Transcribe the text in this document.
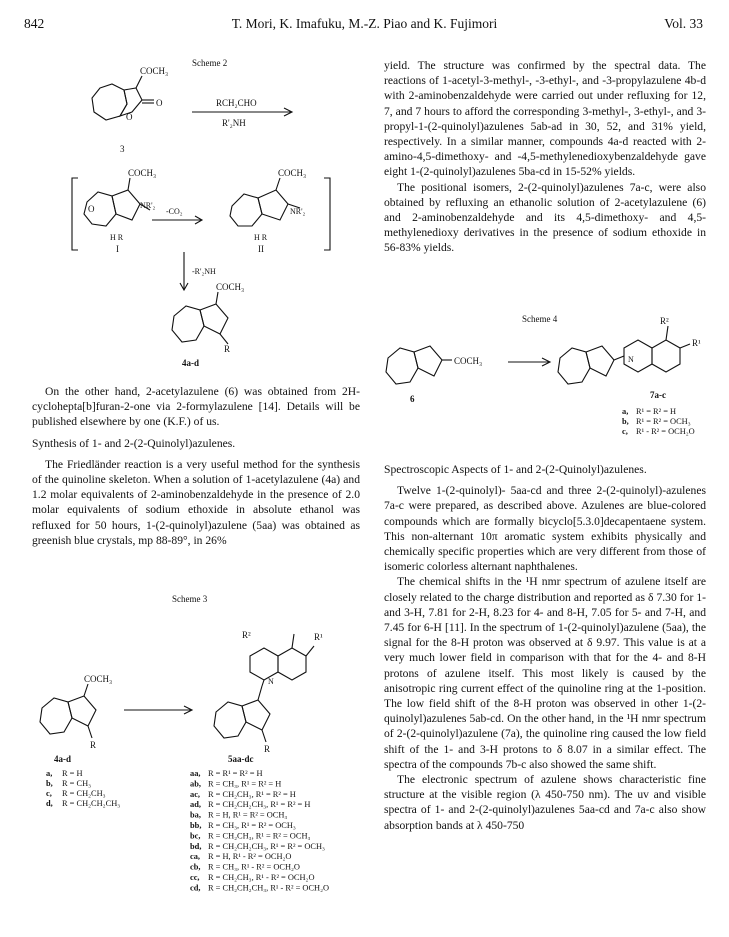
842	T. Mori, K. Imafuku, M.-Z. Piao and K. Fujimori	Vol. 33
Scheme 2
COCH₃
O
O
RCH₂CHO
R'₂NH
3
COCH₃
NR'₂
O
H R
I
-CO₂
COCH₃
NR'₂
H R
II
-R'₂NH
COCH₃
R
4a-d

On the other hand, 2-acetylazulene (6) was obtained from 2H-cyclohepta[b]furan-2-one via 2-formylazulene [14]. Details will be published elsewhere by one (K.F.) of us.

Synthesis of 1- and 2-(2-Quinolyl)azulenes.

The Friedländer reaction is a very useful method for the synthesis of the quinoline skeleton. When a solution of 1-acetylazulene (4a) and 1.2 molar equivalents of 2-aminobenzaldehyde in the presence of 2.0 molar equivalents of sodium ethoxide in absolute ethanol was refluxed for 50 hours, 1-(2-quinolyl)azulene (5aa) was obtained as greenish blue crystals, mp 88-89°, in 26%

Scheme 3
COCH₃
R	R
R²	R¹
N
4a-d	5aa-dc
a, R = H
b, R = CH₃
c, R = CH₂CH₃
d, R = CH₂CH₂CH₃
aa, R = R¹ = R² = H
ab, R = CH₃, R¹ = R² = H
ac, R = CH₂CH₃, R¹ = R² = H
ad, R = CH₂CH₂CH₃, R¹ = R² = H
ba, R = H, R¹ = R² = OCH₃
bb, R = CH₃, R¹ = R² = OCH₃
bc, R = CH₂CH₃, R¹ = R² = OCH₃
bd, R = CH₂CH₂CH₃, R¹ = R² = OCH₃
ca, R = H, R¹ - R² = OCH₂O
cb, R = CH₃, R¹ - R² = OCH₂O
cc, R = CH₂CH₃, R¹ - R² = OCH₂O
cd, R = CH₂CH₂CH₃, R¹ - R² = OCH₂O

yield. The structure was confirmed by the spectral data. The reactions of 1-acetyl-3-methyl-, -3-ethyl-, and -3-propylazulene 4b-d with 2-aminobenzaldehyde were carried out under refluxing for 12, 7, and 7 hours to afford the corresponding 3-methyl-, 3-ethyl-, and 3-propyl-1-(2-quinolyl)azulenes 5ab-ad in 30, 52, and 31% yield, respectively. In a similar manner, compounds 4a-d reacted with 2-amino-4,5-dimethoxy- and -4,5-methylenedioxybenzaldehyde gave eight 1-(2-quinolyl)azulenes 5ba-cd in 15-52% yields.

The positional isomers, 2-(2-quinolyl)azulenes 7a-c, were also obtained by refluxing an ethanolic solution of 2-acetylazulene (6) and 2-aminobenzaldehyde and its 4,5-dimethoxy- and 4,5-methylenedioxy derivatives in the presence of sodium ethoxide in 56-83% yields.

Scheme 4
COCH₃
6
R²
R¹
N
7a-c
a, R¹ = R² = H
b, R¹ = R² = OCH₃
c, R¹ - R² = OCH₂O

Spectroscopic Aspects of 1- and 2-(2-Quinolyl)azulenes.

Twelve 1-(2-quinolyl)- 5aa-cd and three 2-(2-quinolyl)-azulenes 7a-c were prepared, as described above. Azulenes are blue-colored compounds which are formally bicyclo[5.3.0]decapentaene system. This non-alternant 10π aromatic system exhibits physically and chemically specific properties which are very different from those of isomeric colorless alternant naphthalenes.

The chemical shifts in the ¹H nmr spectrum of azulene itself are closely related to the charge distribution and reported as δ 7.30 for 1- and 3-H, 7.81 for 2-H, 8.23 for 4- and 8-H, 7.05 for 5- and 7-H, and 7.45 for 6-H [11]. In the spectrum of 1-(2-quinolyl)azulene (5aa), the signal for the 8-H proton was observed at δ 9.97. This value is at a very much lower field in comparison with that for the 4- and 8-H protons of azulene itself. This most likely is caused by the anisotropic ring current effect of the quinoline ring at the 1-position. The low field shift of the 8-H proton was observed in other 1-(2-quinolyl)azulenes 5ab-cd. On the other hand, in the ¹H nmr spectrum of 2-(2-quinolyl)azulene (7a), the quinoline ring caused the low field shift of the 1- and 3-H protons to δ 8.07 in a similar effect. The spectra of the compounds 7b-c also showed the same shift.

The electronic spectrum of azulene shows characteristic fine structure at the visible region (λ 450-750 nm). The uv and visible spectra of 1- and 2-(2-quinolyl)azulenes 5aa-cd and 7a-c also show absorption bands at λ 450-750
